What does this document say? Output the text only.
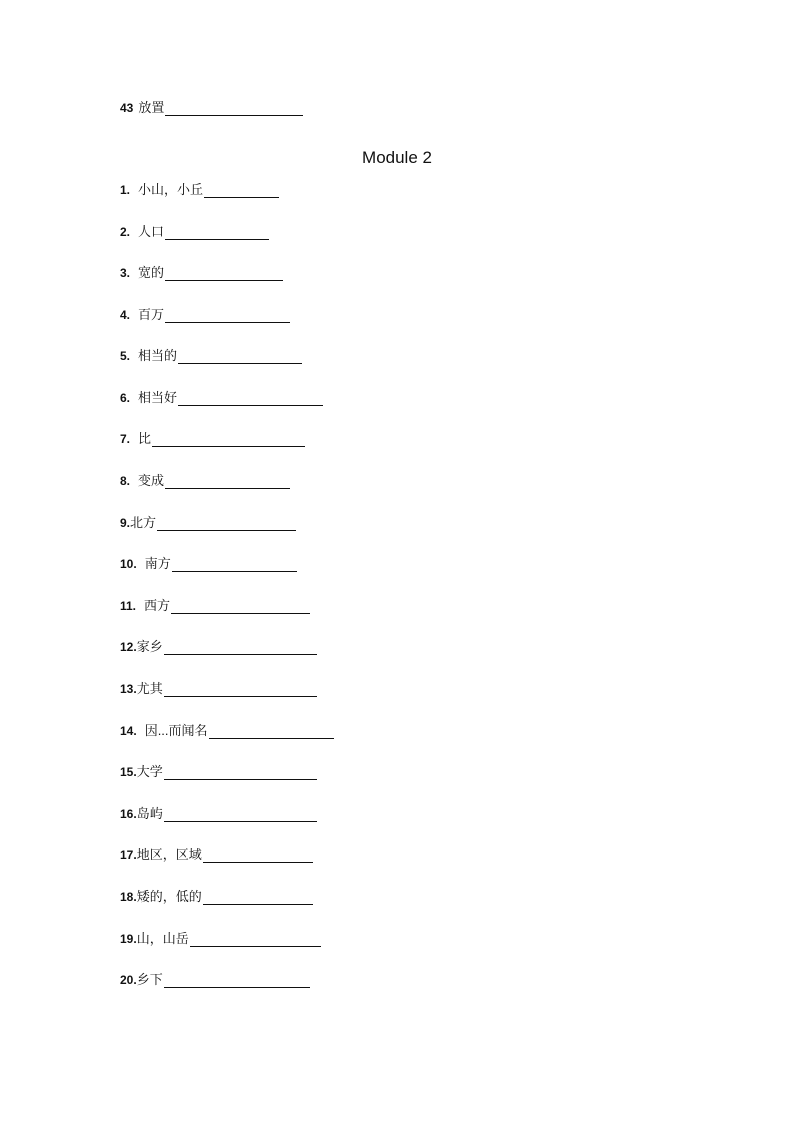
43 放置
Module 2
1. 小山，小丘
2. 人口
3. 宽的
4. 百万
5. 相当的
6. 相当好
7. 比
8. 变成
9. 北方
10. 南方
11. 西方
12. 家乡
13. 尤其
14. 因...而闻名
15. 大学
16. 岛屿
17. 地区，区域
18. 矮的，低的
19. 山，山岳
20. 乡下
